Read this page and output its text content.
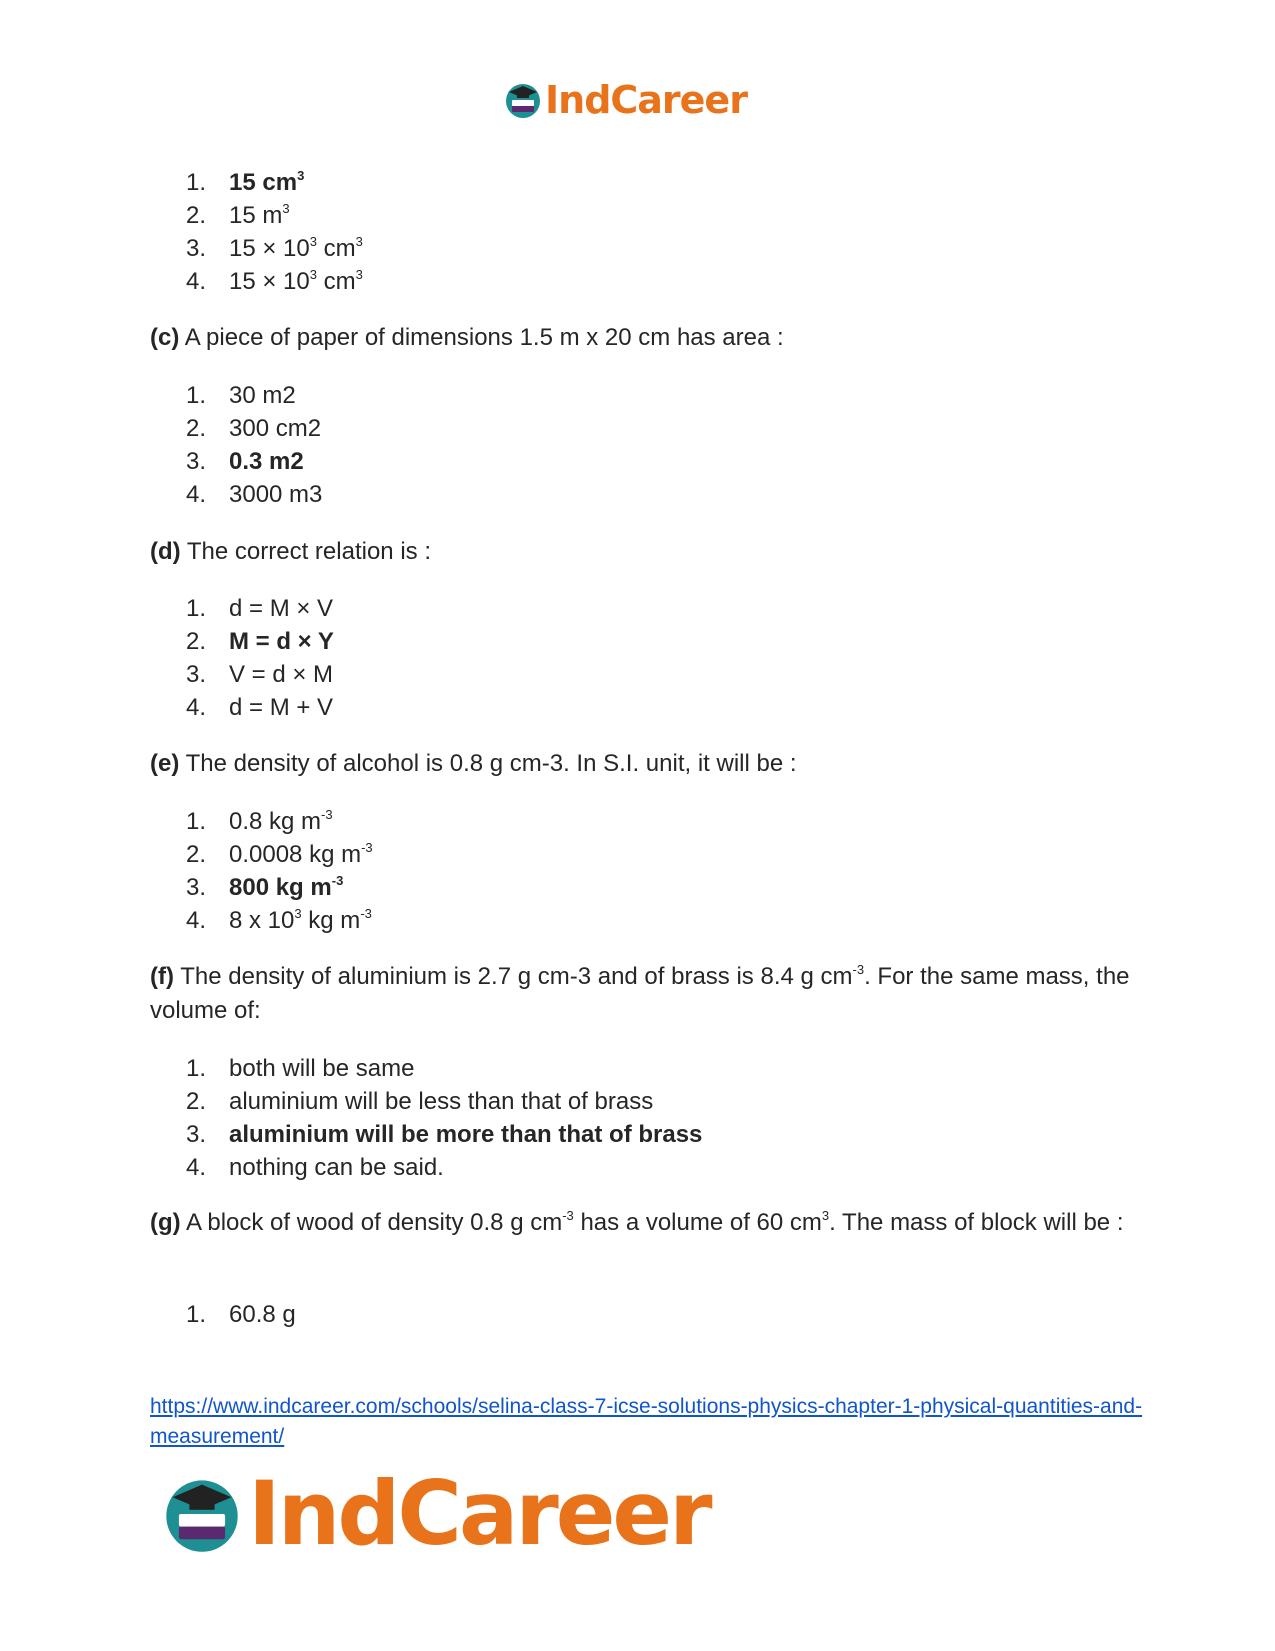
IndCareer
1. 15 $cm^3$
2. 15 $m^3$
3. $15 \times 10^3$ $cm^3$
4. $15 \times 10^3$ $cm^3$
(c) A piece of paper of dimensions 1.5 m x 20 cm has area :
1. 30 m2
2. 300 cm2
3. 0.3 m2
4. 3000 m3
(d) The correct relation is :
1. d = M × V
2. M = d × Y
3. V = d × M
4. d = M + V
(e) The density of alcohol is 0.8 g cm-3. In S.I. unit, it will be :
1. 0.8 kg $m^{-3}$
2. 0.0008 kg $m^{-3}$
3. 800 kg $m^{-3}$
4. 8 x $10^3$ kg $m^{-3}$
(f) The density of aluminium is 2.7 g cm-3 and of brass is 8.4 g $cm^{-3}$. For the same mass, the volume of:
1. both will be same
2. aluminium will be less than that of brass
3. aluminium will be more than that of brass
4. nothing can be said.
(g) A block of wood of density 0.8 g $cm^{-3}$ has a volume of 60 $cm^3$. The mass of block will be :
1. 60.8 g
https://www.indcareer.com/schools/selina-class-7-icse-solutions-physics-chapter-1-physical-quantities-and-measurement/
IndCareer
